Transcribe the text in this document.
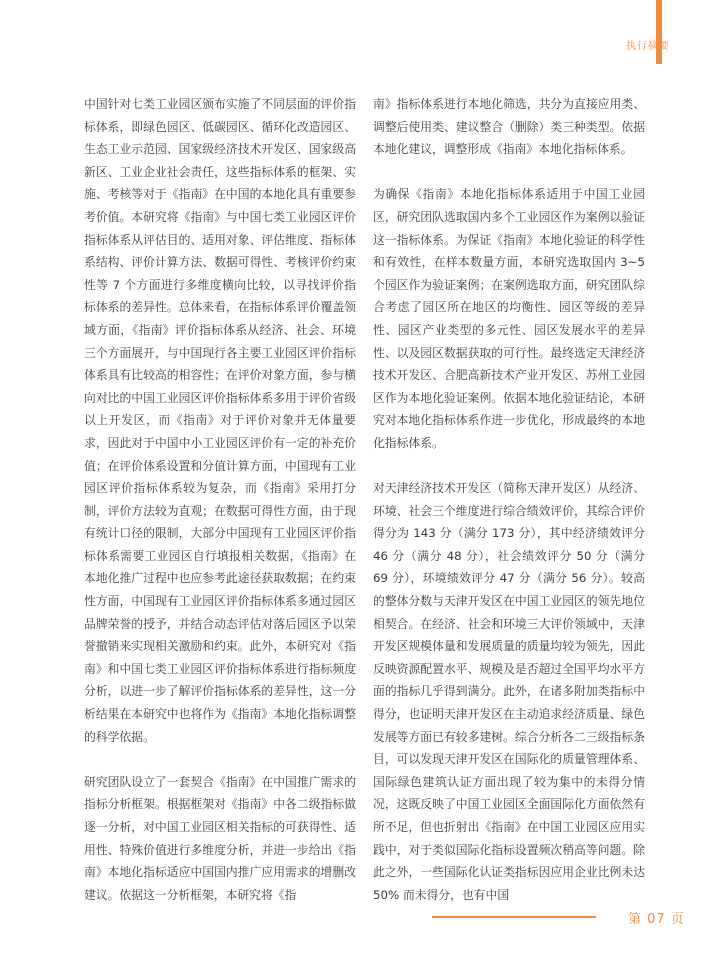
执行摘要

中国针对七类工业园区颁布实施了不同层面的评价指标体系，即绿色园区、低碳园区、循环化改造园区、生态工业示范园、国家级经济技术开发区、国家级高新区、工业企业社会责任，这些指标体系的框架、实施、考核等对于《指南》在中国的本地化具有重要参考价值。本研究将《指南》与中国七类工业园区评价指标体系从评估目的、适用对象、评估维度、指标体系结构、评价计算方法、数据可得性、考核评价约束性等 7 个方面进行多维度横向比较，以寻找评价指标体系的差异性。总体来看，在指标体系评价覆盖领域方面，《指南》评价指标体系从经济、社会、环境三个方面展开，与中国现行各主要工业园区评价指标体系具有比较高的相容性；在评价对象方面，参与横向对比的中国工业园区评价指标体系多用于评价省级以上开发区，而《指南》对于评价对象并无体量要求，因此对于中国中小工业园区评价有一定的补充价值；在评价体系设置和分值计算方面，中国现有工业园区评价指标体系较为复杂，而《指南》采用打分制，评价方法较为直观；在数据可得性方面，由于现有统计口径的限制，大部分中国现有工业园区评价指标体系需要工业园区自行填报相关数据，《指南》在本地化推广过程中也应参考此途径获取数据；在约束性方面，中国现有工业园区评价指标体系多通过园区品牌荣誉的授予，并结合动态评估对落后园区予以荣誉撤销来实现相关激励和约束。此外，本研究对《指南》和中国七类工业园区评价指标体系进行指标频度分析，以进一步了解评价指标体系的差异性，这一分析结果在本研究中也将作为《指南》本地化指标调整的科学依据。

研究团队设立了一套契合《指南》在中国推广需求的指标分析框架。根据框架对《指南》中各二级指标做逐一分析，对中国工业园区相关指标的可获得性、适用性、特殊价值进行多维度分析，并进一步给出《指南》本地化指标适应中国国内推广应用需求的增删改建议。依据这一分析框架，本研究将《指

南》指标体系进行本地化筛选，共分为直接应用类、调整后使用类、建议整合（删除）类三种类型。依据本地化建议，调整形成《指南》本地化指标体系。

为确保《指南》本地化指标体系适用于中国工业园区，研究团队选取国内多个工业园区作为案例以验证这一指标体系。为保证《指南》本地化验证的科学性和有效性，在样本数量方面，本研究选取国内 3~5 个园区作为验证案例；在案例选取方面，研究团队综合考虑了园区所在地区的均衡性、园区等级的差异性、园区产业类型的多元性、园区发展水平的差异性、以及园区数据获取的可行性。最终选定天津经济技术开发区、合肥高新技术产业开发区、苏州工业园区作为本地化验证案例。依据本地化验证结论，本研究对本地化指标体系作进一步优化，形成最终的本地化指标体系。

对天津经济技术开发区（简称天津开发区）从经济、环境、社会三个维度进行综合绩效评价，其综合评价得分为 143 分（满分 173 分），其中经济绩效评分 46 分（满分 48 分），社会绩效评分 50 分（满分 69 分），环境绩效评分 47 分（满分 56 分）。较高的整体分数与天津开发区在中国工业园区的领先地位相契合。在经济、社会和环境三大评价领域中，天津开发区规模体量和发展质量的质量均较为领先，因此反映资源配置水平、规模及是否超过全国平均水平方面的指标几乎得到满分。此外，在诸多附加类指标中得分，也证明天津开发区在主动追求经济质量、绿色发展等方面已有较多建树。综合分析各二三级指标条目，可以发现天津开发区在国际化的质量管理体系、国际绿色建筑认证方面出现了较为集中的未得分情况，这既反映了中国工业园区全面国际化方面依然有所不足，但也折射出《指南》在中国工业园区应用实践中，对于类似国际化指标设置频次稍高等问题。除此之外，一些国际化认证类指标因应用企业比例未达 50% 而未得分，也有中国

第 07 页
